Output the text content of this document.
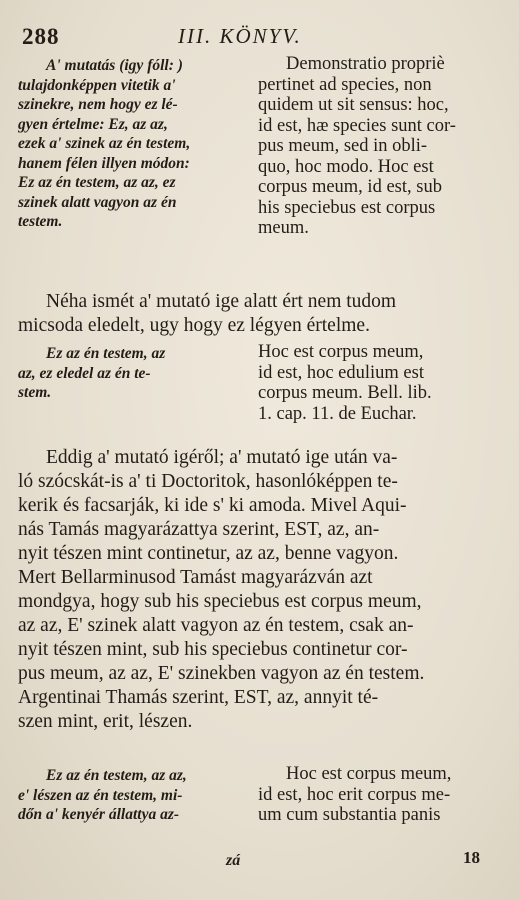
288	III. KÖNYV.
A' mutatás (igy fóll: )
tulajdonképpen vitetik a'
szinekre, nem hogy ez lé-
gyen értelme: Ez, az az,
ezek a' szinek az én testem,
hanem félen illyen módon:
Ez az én testem, az az, ez
szinek alatt vagyon az én
testem.
Demonstratio propriè
pertinet ad species, non
quidem ut sit sensus: hoc,
id est, hæ species sunt cor-
pus meum, sed in obli-
quo, hoc modo. Hoc est
corpus meum, id est, sub
his speciebus est corpus
meum.
Néha ismét a' mutató ige alatt ért nem tudom
micsoda eledelt, ugy hogy ez légyen értelme.
Ez az én testem, az
az, ez eledel az én te-
stem.
Hoc est corpus meum,
id est, hoc edulium est
corpus meum. Bell. lib.
1. cap. 11. de Euchar.
Eddig a' mutató igéről; a' mutató ige után va-
ló szócskát-is a' ti Doctoritok, hasonlóképpen te-
kerik és facsarják, ki ide s' ki amoda. Mivel Aqui-
nás Tamás magyarázattya szerint, EST, az, an-
nyit tészen mint continetur, az az, benne vagyon.
Mert Bellarminusod Tamást magyarázván azt
mondgya, hogy sub his speciebus est corpus meum,
az az, E' szinek alatt vagyon az én testem, csak an-
nyit tészen mint, sub his speciebus continetur cor-
pus meum, az az, E' szinekben vagyon az én testem.
Argentinai Thamás szerint, EST, az, annyit té-
szen mint, erit, lészen.
Ez az én testem, az az,
e' lészen az én testem, mi-
dőn a' kenyér állattya az-
Hoc est corpus meum,
id est, hoc erit corpus me-
um cum substantia panis
zá	18
